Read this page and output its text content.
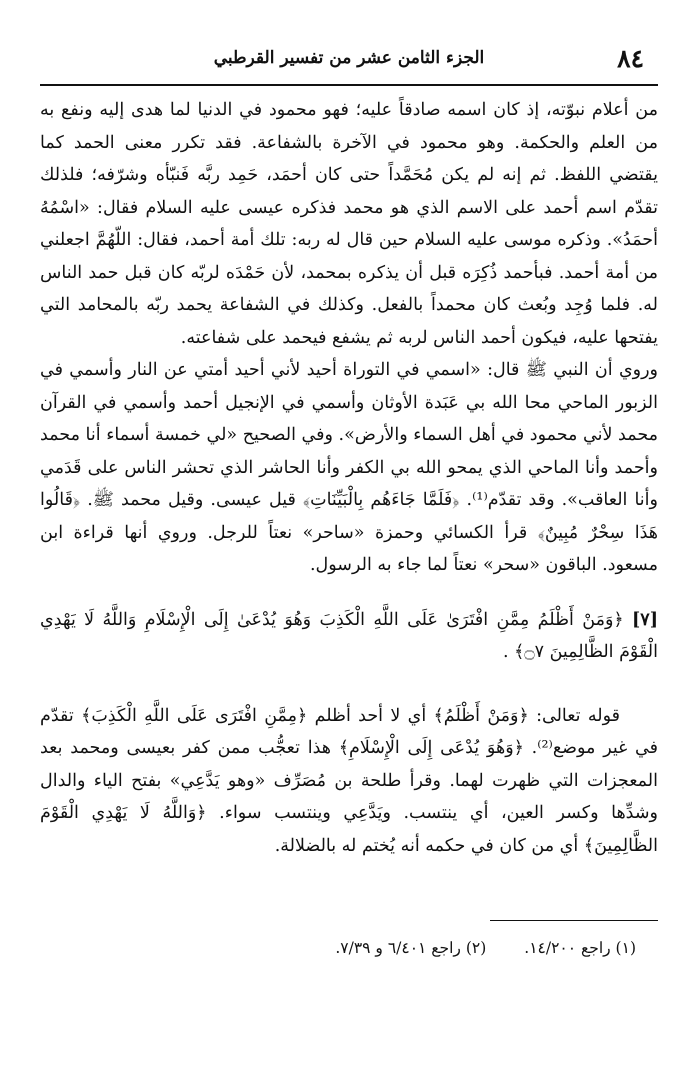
٨٤
الجزء الثامن عشر من تفسير القرطبي

من أعلام نبوّته، إذ كان اسمه صادقاً عليه؛ فهو محمود في الدنيا لما هدى إليه ونفع به من العلم والحكمة. وهو محمود في الآخرة بالشفاعة. فقد تكرر معنى الحمد كما يقتضي اللفظ. ثم إنه لم يكن مُحَمَّداً حتى كان أحمَد، حَمِد ربَّه فَنبّأه وشرّفه؛ فلذلك تقدّم اسم أحمد على الاسم الذي هو محمد فذكره عيسى عليه السلام فقال: «اسْمُهُ أحمَدُ». وذكره موسى عليه السلام حين قال له ربه: تلك أمة أحمد، فقال: اللّهُمَّ اجعلني من أمة أحمد. فبأحمد ذُكِرَه قبل أن يذكره بمحمد، لأن حَمْدَه لربّه كان قبل حمد الناس له. فلما وُجِد وبُعث كان محمداً بالفعل. وكذلك في الشفاعة يحمد ربّه بالمحامد التي يفتحها عليه، فيكون أحمد الناس لربه ثم يشفع فيحمد على شفاعته.

وروي أن النبي ﷺ قال: «اسمي في التوراة أحيد لأني أحيد أمتي عن النار وأسمي في الزبور الماحي محا الله بي عَبَدة الأوثان وأسمي في الإنجيل أحمد وأسمي في القرآن محمد لأني محمود في أهل السماء والأرض». وفي الصحيح «لي خمسة أسماء أنا محمد وأحمد وأنا الماحي الذي يمحو الله بي الكفر وأنا الحاشر الذي تحشر الناس على قَدَمي وأنا العاقب». وقد تقدّم⁽¹⁾. ﴿فَلَمَّا جَاءَهُم بِالْبَيِّنَاتِ﴾ قيل عيسى. وقيل محمد ﷺ. ﴿قَالُوا هَذَا سِحْرٌ مُبِينٌ﴾ قرأ الكسائي وحمزة «ساحر» نعتاً للرجل. وروي أنها قراءة ابن مسعود. الباقون «سحر» نعتاً لما جاء به الرسول.

[٧] ﴿وَمَنْ أَظْلَمُ مِمَّنِ افْتَرَىٰ عَلَى اللَّهِ الْكَذِبَ وَهُوَ يُدْعَىٰ إِلَى الْإِسْلَامِ وَاللَّهُ لَا يَهْدِي الْقَوْمَ الظَّالِمِينَ ۝٧﴾ .
قوله تعالى: ﴿وَمَنْ أَظْلَمُ﴾ أي لا أحد أظلم ﴿مِمَّنِ افْتَرَى عَلَى اللَّهِ الْكَذِبَ﴾ تقدّم في غير موضع⁽²⁾. ﴿وَهُوَ يُدْعَى إِلَى الْإِسْلَامِ﴾ هذا تعجُّب ممن كفر بعيسى ومحمد بعد المعجزات التي ظهرت لهما. وقرأ طلحة بن مُصَرِّف «وهو يَدَّعِي» بفتح الياء والدال وشدِّها وكسر العين، أي ينتسب. ويَدَّعِي وينتسب سواء. ﴿وَاللَّهُ لَا يَهْدِي الْقَوْمَ الظَّالِمِينَ﴾ أي من كان في حكمه أنه يُختم له بالضلالة.
(١) راجع ١٤/٢٠٠.
(٢) راجع ٦/٤٠١ و ٧/٣٩.
